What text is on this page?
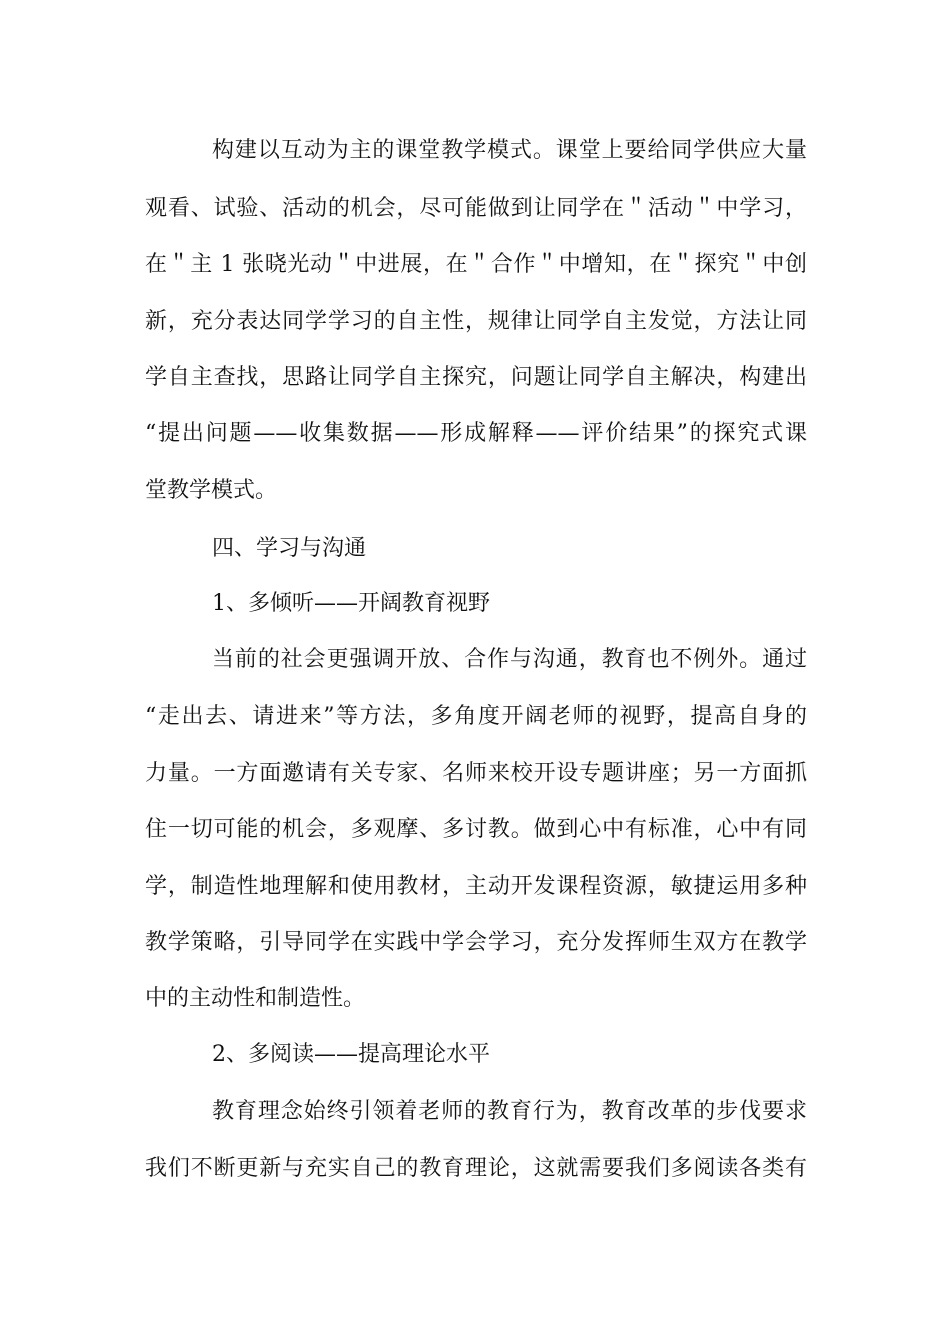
构建以互动为主的课堂教学模式。课堂上要给同学供应大量
观看、试验、活动的机会，尽可能做到让同学在＂活动＂中学习，
在＂主 1 张晓光动＂中进展，在＂合作＂中增知，在＂探究＂中创
新，充分表达同学学习的自主性，规律让同学自主发觉，方法让同
学自主查找，思路让同学自主探究，问题让同学自主解决，构建出
“提出问题——收集数据——形成解释——评价结果”的探究式课
堂教学模式。
四、学习与沟通
1、多倾听——开阔教育视野
当前的社会更强调开放、合作与沟通，教育也不例外。通过
“走出去、请进来”等方法，多角度开阔老师的视野，提高自身的
力量。一方面邀请有关专家、名师来校开设专题讲座；另一方面抓
住一切可能的机会，多观摩、多讨教。做到心中有标准，心中有同
学，制造性地理解和使用教材，主动开发课程资源，敏捷运用多种
教学策略，引导同学在实践中学会学习，充分发挥师生双方在教学
中的主动性和制造性。
2、多阅读——提高理论水平
教育理念始终引领着老师的教育行为，教育改革的步伐要求
我们不断更新与充实自己的教育理论，这就需要我们多阅读各类有
